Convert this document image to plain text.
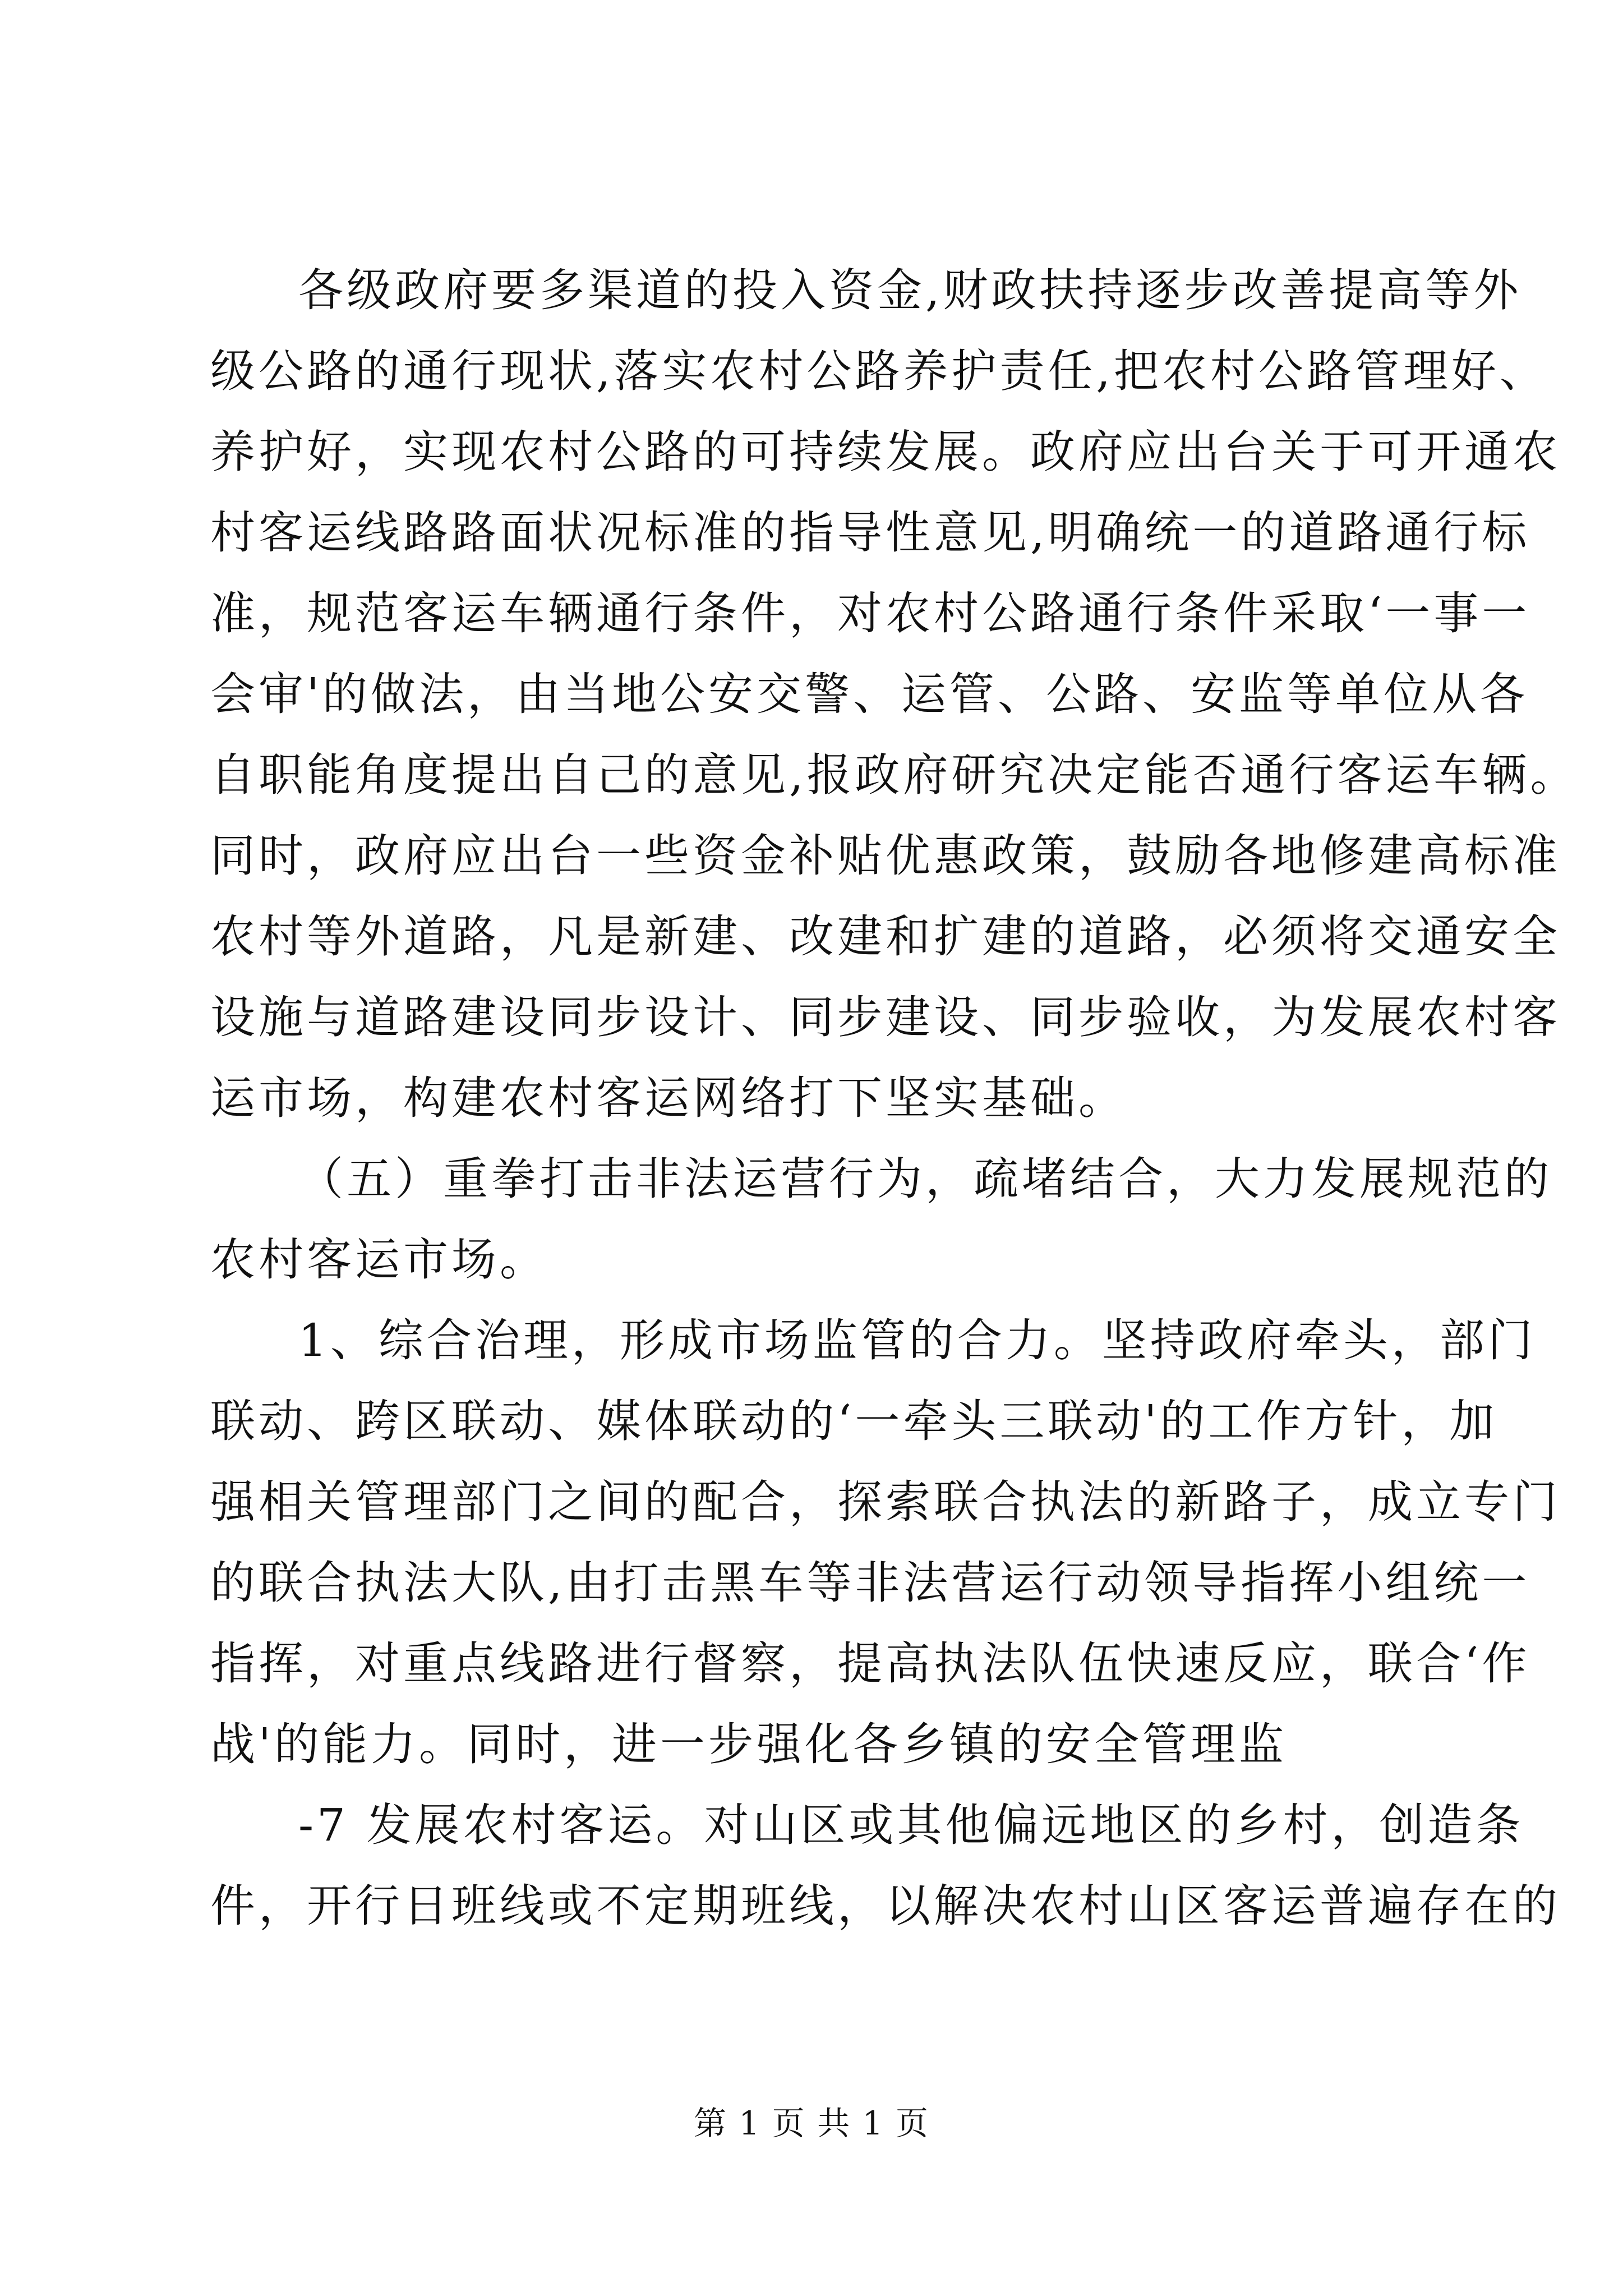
各级政府要多渠道的投入资金,财政扶持逐步改善提高等外
级公路的通行现状,落实农村公路养护责任,把农村公路管理好、
养护好，实现农村公路的可持续发展。政府应出台关于可开通农
村客运线路路面状况标准的指导性意见,明确统一的道路通行标
准，规范客运车辆通行条件，对农村公路通行条件采取‘一事一
会审'的做法，由当地公安交警、运管、公路、安监等单位从各
自职能角度提出自己的意见,报政府研究决定能否通行客运车辆。
同时，政府应出台一些资金补贴优惠政策，鼓励各地修建高标准
农村等外道路，凡是新建、改建和扩建的道路，必须将交通安全
设施与道路建设同步设计、同步建设、同步验收，为发展农村客
运市场，构建农村客运网络打下坚实基础。
（五）重拳打击非法运营行为，疏堵结合，大力发展规范的
农村客运市场。
1、综合治理，形成市场监管的合力。坚持政府牵头，部门
联动、跨区联动、媒体联动的‘一牵头三联动'的工作方针，加
强相关管理部门之间的配合，探索联合执法的新路子，成立专门
的联合执法大队,由打击黑车等非法营运行动领导指挥小组统一
指挥，对重点线路进行督察，提高执法队伍快速反应，联合‘作
战'的能力。同时，进一步强化各乡镇的安全管理监
-7 发展农村客运。对山区或其他偏远地区的乡村，创造条
件，开行日班线或不定期班线，以解决农村山区客运普遍存在的
第 1 页 共 1 页
